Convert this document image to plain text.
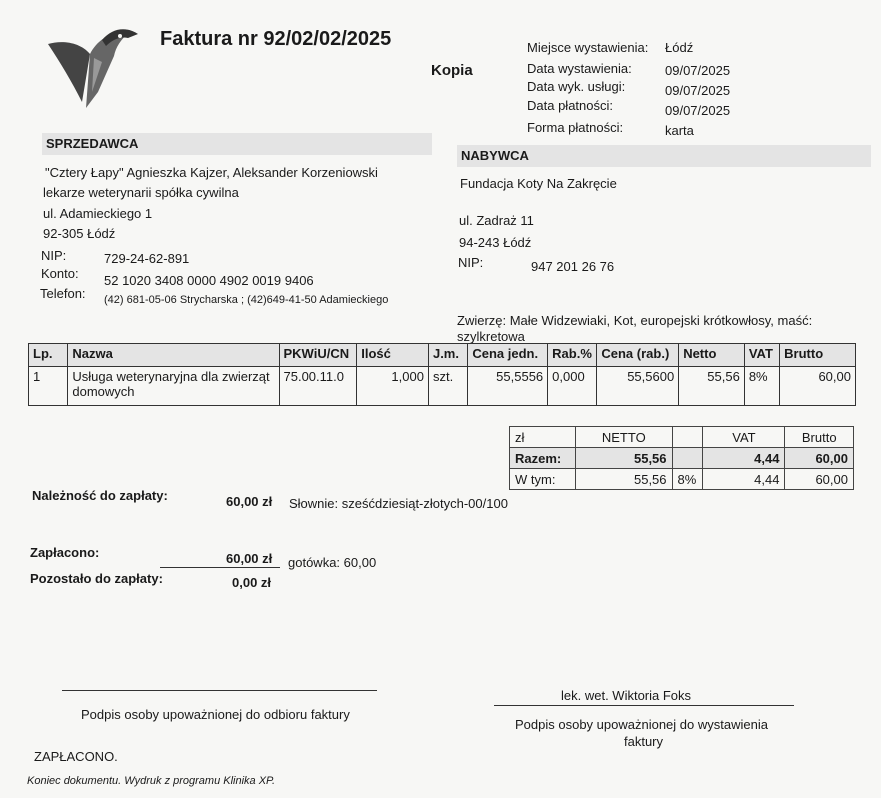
Faktura nr 92/02/02/2025
Kopia
Miejsce wystawienia: Łódź
Data wystawienia:	09/07/2025
Data wyk. usługi:	09/07/2025
Data płatności:	09/07/2025
Forma płatności:	karta
SPRZEDAWCA
"Cztery Łapy" Agnieszka Kajzer, Aleksander Korzeniowski
lekarze weterynarii spółka cywilna
ul. Adamieckiego 1
92-305 Łódź
NIP:	729-24-62-891
Konto: 52 1020 3408 0000 4902 0019 9406
Telefon: (42) 681-05-06 Strycharska ; (42)649-41-50 Adamieckiego
NABYWCA
Fundacja Koty Na Zakręcie
ul. Zadraż 11
94-243 Łódź
NIP:	947 201 26 76
Zwierzę: Małe Widzewiaki, Kot, europejski krótkowłosy, maść:
szylkretowa
Lp.	Nazwa	PKWiU/CN	Ilość	J.m.	Cena jedn.	Rab.%	Cena (rab.)	Netto	VAT	Brutto
1	Usługa weterynaryjna dla zwierząt domowych	75.00.11.0	1,000	szt.	55,5556	0,000	55,5600	55,56	8%	60,00
zł	NETTO		VAT	Brutto
Razem:	55,56		4,44	60,00
W tym:	55,56	8%	4,44	60,00
Należność do zapłaty:	60,00 zł Słownie: sześćdziesiąt-złotych-00/100
Zapłacono:	60,00 zł gotówka: 60,00
Pozostało do zapłaty:	0,00 zł
Podpis osoby upoważnionej do odbioru faktury
lek. wet. Wiktoria Foks
Podpis osoby upoważnionej do wystawienia
faktury
ZAPŁACONO.
Koniec dokumentu. Wydruk z programu Klinika XP.
